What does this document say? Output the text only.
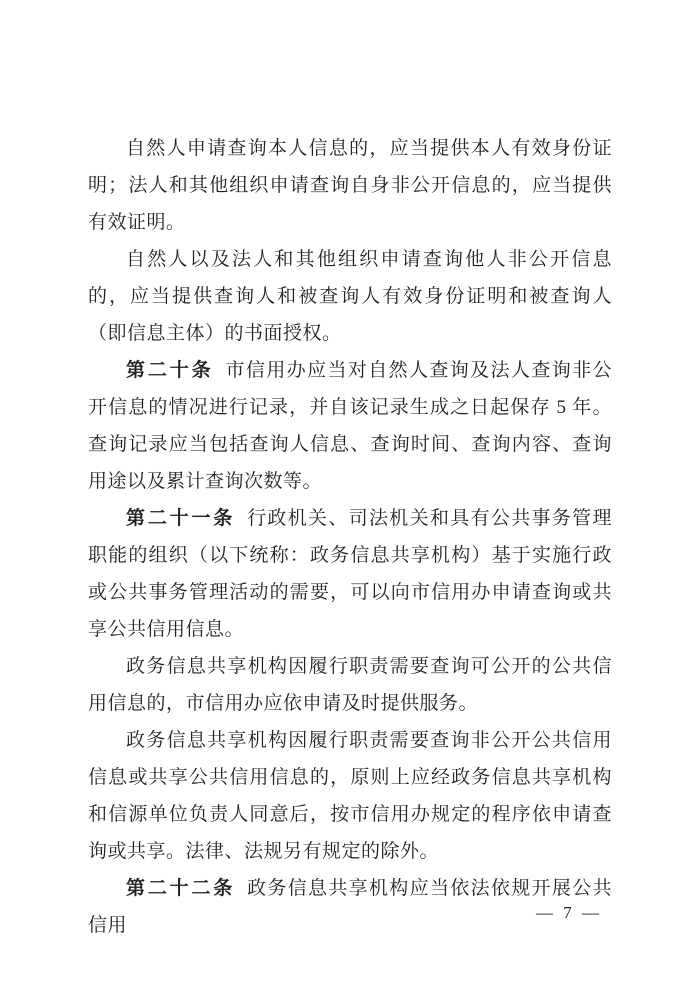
自然人申请查询本人信息的，应当提供本人有效身份证明；法人和其他组织申请查询自身非公开信息的，应当提供有效证明。

自然人以及法人和其他组织申请查询他人非公开信息的，应当提供查询人和被查询人有效身份证明和被查询人（即信息主体）的书面授权。

第二十条 市信用办应当对自然人查询及法人查询非公开信息的情况进行记录，并自该记录生成之日起保存 5 年。查询记录应当包括查询人信息、查询时间、查询内容、查询用途以及累计查询次数等。

第二十一条 行政机关、司法机关和具有公共事务管理职能的组织（以下统称：政务信息共享机构）基于实施行政或公共事务管理活动的需要，可以向市信用办申请查询或共享公共信用信息。

政务信息共享机构因履行职责需要查询可公开的公共信用信息的，市信用办应依申请及时提供服务。

政务信息共享机构因履行职责需要查询非公开公共信用信息或共享公共信用信息的，原则上应经政务信息共享机构和信源单位负责人同意后，按市信用办规定的程序依申请查询或共享。法律、法规另有规定的除外。

第二十二条 政务信息共享机构应当依法依规开展公共信用

— 7 —
